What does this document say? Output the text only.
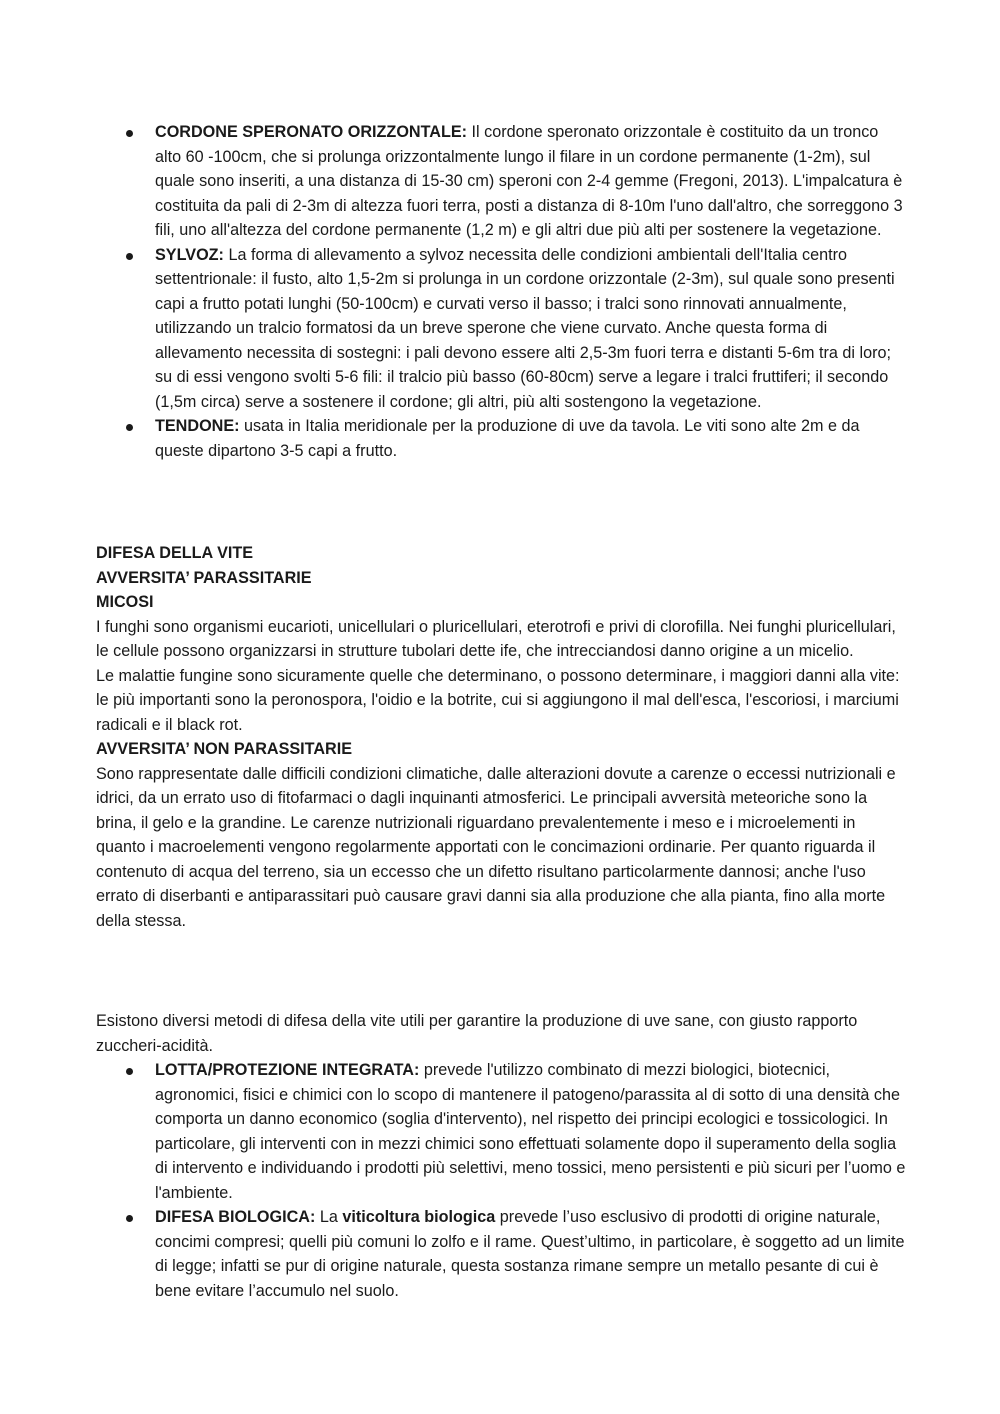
CORDONE SPERONATO ORIZZONTALE: Il cordone speronato orizzontale è costituito da un tronco alto 60 -100cm, che si prolunga orizzontalmente lungo il filare in un cordone permanente (1-2m), sul quale sono inseriti, a una distanza di 15-30 cm) speroni con 2-4 gemme (Fregoni, 2013). L'impalcatura è costituita da pali di 2-3m di altezza fuori terra, posti a distanza di 8-10m l'uno dall'altro, che sorreggono 3 fili, uno all'altezza del cordone permanente (1,2 m) e gli altri due più alti per sostenere la vegetazione.
SYLVOZ: La forma di allevamento a sylvoz necessita delle condizioni ambientali dell'Italia centro settentrionale: il fusto, alto 1,5-2m si prolunga in un cordone orizzontale (2-3m), sul quale sono presenti capi a frutto potati lunghi (50-100cm) e curvati verso il basso; i tralci sono rinnovati annualmente, utilizzando un tralcio formatosi da un breve sperone che viene curvato. Anche questa forma di allevamento necessita di sostegni: i pali devono essere alti 2,5-3m fuori terra e distanti 5-6m tra di loro; su di essi vengono svolti 5-6 fili: il tralcio più basso (60-80cm) serve a legare i tralci fruttiferi; il secondo (1,5m circa) serve a sostenere il cordone; gli altri, più alti sostengono la vegetazione.
TENDONE: usata in Italia meridionale per la produzione di uve da tavola. Le viti sono alte 2m e da queste dipartono 3-5 capi a frutto.

DIFESA DELLA VITE

AVVERSITA’ PARASSITARIE

MICOSI

I funghi sono organismi eucarioti, unicellulari o pluricellulari, eterotrofi e privi di clorofilla. Nei funghi pluricellulari, le cellule possono organizzarsi in strutture tubolari dette ife, che intrecciandosi danno origine a un micelio.

Le malattie fungine sono sicuramente quelle che determinano, o possono determinare, i maggiori danni alla vite: le più importanti sono la peronospora, l'oidio e la botrite, cui si aggiungono il mal dell'esca, l'escoriosi, i marciumi radicali e il black rot.

AVVERSITA’ NON PARASSITARIE

Sono rappresentate dalle difficili condizioni climatiche, dalle alterazioni dovute a carenze o eccessi nutrizionali e idrici, da un errato uso di fitofarmaci o dagli inquinanti atmosferici. Le principali avversità meteoriche sono la brina, il gelo e la grandine. Le carenze nutrizionali riguardano prevalentemente i meso e i microelementi in quanto i macroelementi vengono regolarmente apportati con le concimazioni ordinarie. Per quanto riguarda il contenuto di acqua del terreno, sia un eccesso che un difetto risultano particolarmente dannosi; anche l'uso errato di diserbanti e antiparassitari può causare gravi danni sia alla produzione che alla pianta, fino alla morte della stessa.

Esistono diversi metodi di difesa della vite utili per garantire la produzione di uve sane, con giusto rapporto zuccheri-acidità.

LOTTA/PROTEZIONE INTEGRATA: prevede l'utilizzo combinato di mezzi biologici, biotecnici, agronomici, fisici e chimici con lo scopo di mantenere il patogeno/parassita al di sotto di una densità che comporta un danno economico (soglia d'intervento), nel rispetto dei principi ecologici e tossicologici. In particolare, gli interventi con in mezzi chimici sono effettuati solamente dopo il superamento della soglia di intervento e individuando i prodotti più selettivi, meno tossici, meno persistenti e più sicuri per l’uomo e l'ambiente.
DIFESA BIOLOGICA: La viticoltura biologica prevede l’uso esclusivo di prodotti di origine naturale, concimi compresi; quelli più comuni lo zolfo e il rame. Quest’ultimo, in particolare, è soggetto ad un limite di legge; infatti se pur di origine naturale, questa sostanza rimane sempre un metallo pesante di cui è bene evitare l’accumulo nel suolo.
